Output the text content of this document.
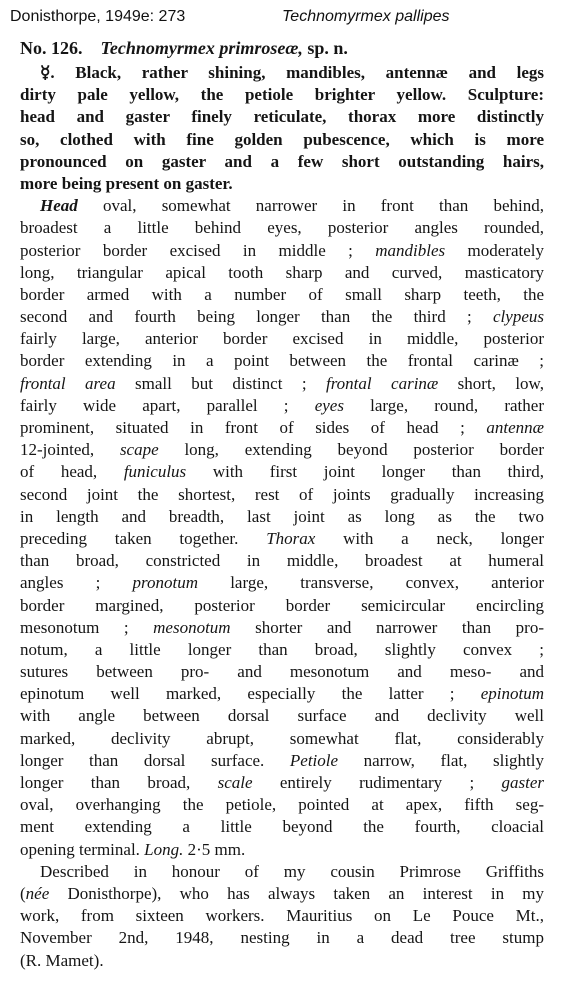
Donisthorpe, 1949e: 273	Technomyrmex pallipes
No. 126. Technomyrmex primroseæ, sp. n.
☿. Black, rather shining, mandibles, antennæ and legs
dirty pale yellow, the petiole brighter yellow. Sculpture:
head and gaster finely reticulate, thorax more distinctly
so, clothed with fine golden pubescence, which is more
pronounced on gaster and a few short outstanding hairs,
more being present on gaster.
Head oval, somewhat narrower in front than behind,
broadest a little behind eyes, posterior angles rounded,
posterior border excised in middle ; mandibles moderately
long, triangular apical tooth sharp and curved, masticatory
border armed with a number of small sharp teeth, the
second and fourth being longer than the third ; clypeus
fairly large, anterior border excised in middle, posterior
border extending in a point between the frontal carinæ ;
frontal area small but distinct ; frontal carinæ short, low,
fairly wide apart, parallel ; eyes large, round, rather
prominent, situated in front of sides of head ; antennæ
12-jointed, scape long, extending beyond posterior border
of head, funiculus with first joint longer than third,
second joint the shortest, rest of joints gradually increasing
in length and breadth, last joint as long as the two
preceding taken together. Thorax with a neck, longer
than broad, constricted in middle, broadest at humeral
angles ; pronotum large, transverse, convex, anterior
border margined, posterior border semicircular encircling
mesonotum ; mesonotum shorter and narrower than pro-
notum, a little longer than broad, slightly convex ;
sutures between pro- and mesonotum and meso- and
epinotum well marked, especially the latter ; epinotum
with angle between dorsal surface and declivity well
marked, declivity abrupt, somewhat flat, considerably
longer than dorsal surface. Petiole narrow, flat, slightly
longer than broad, scale entirely rudimentary ; gaster
oval, overhanging the petiole, pointed at apex, fifth seg-
ment extending a little beyond the fourth, cloacial
opening terminal. Long. 2·5 mm.
Described in honour of my cousin Primrose Griffiths
(née Donisthorpe), who has always taken an interest in my
work, from sixteen workers. Mauritius on Le Pouce Mt.,
November 2nd, 1948, nesting in a dead tree stump
(R. Mamet).
